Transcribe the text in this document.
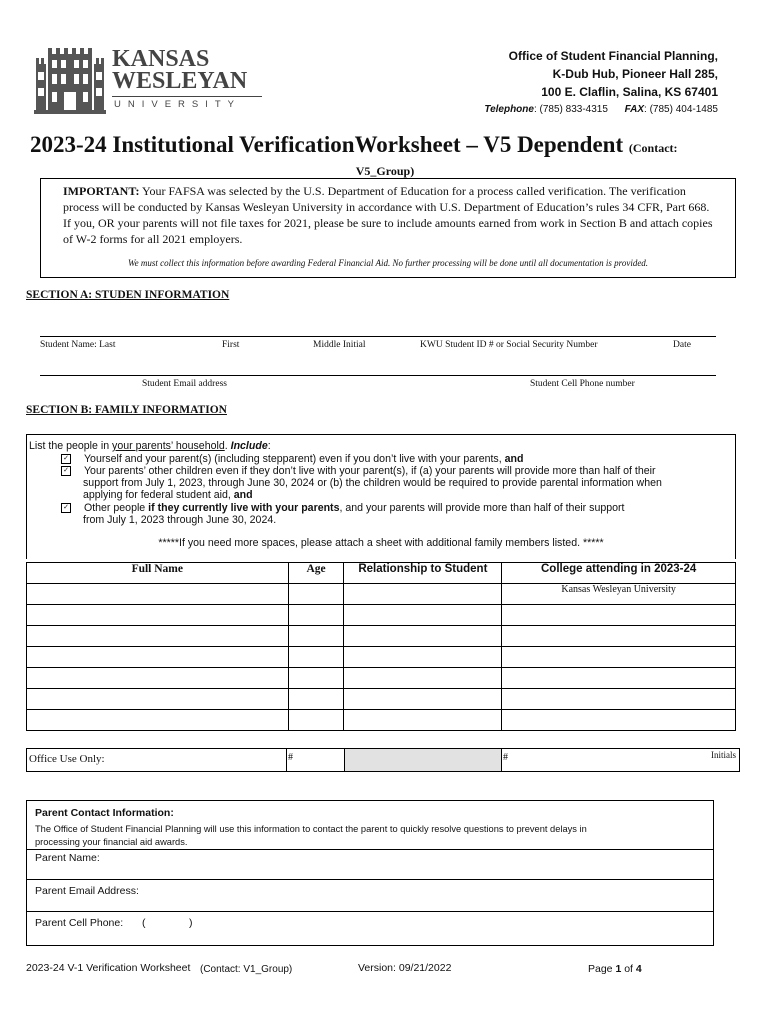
KANSAS
WESLEYAN
UNIVERSITY
Office of Student Financial Planning,
K-Dub Hub, Pioneer Hall 285,
100 E. Claflin, Salina, KS 67401
Telephone: (785) 833-4315 FAX: (785) 404-1485
2023-24 Institutional VerificationWorksheet – V5 Dependent (Contact:
V5_Group)
IMPORTANT: Your FAFSA was selected by the U.S. Department of Education for a process called verification. The verification process will be conducted by Kansas Wesleyan University in accordance with U.S. Department of Education’s rules 34 CFR, Part 668. If you, OR your parents will not file taxes for 2021, please be sure to include amounts earned from work in Section B and attach copies of W-2 forms for all 2021 employers.
We must collect this information before awarding Federal Financial Aid. No further processing will be done until all documentation is provided.
SECTION A: STUDEN INFORMATION
Student Name: Last	First	Middle Initial	KWU Student ID # or Social Security Number	Date
Student Email address	Student Cell Phone number
SECTION B: FAMILY INFORMATION
List the people in your parents’ household. Include:
✓ Yourself and your parent(s) (including stepparent) even if you don’t live with your parents, and
✓ Your parents’ other children even if they don’t live with your parent(s), if (a) your parents will provide more than half of their
support from July 1, 2023, through June 30, 2024 or (b) the children would be required to provide parental information when
applying for federal student aid, and
✓ Other people if they currently live with your parents, and your parents will provide more than half of their support
from July 1, 2023 through June 30, 2024.
*****If you need more spaces, please attach a sheet with additional family members listed. *****
Full Name	Age	Relationship to Student	College attending in 2023-24
			Kansas Wesleyan University

Office Use Only:	#	#	Initials
Parent Contact Information:
The Office of Student Financial Planning will use this information to contact the parent to quickly resolve questions to prevent delays in
processing your financial aid awards.
Parent Name:
Parent Email Address:
Parent Cell Phone: (	)
2023-24 V-1 Verification Worksheet (Contact: V1_Group)	Version: 09/21/2022	Page 1 of 4
